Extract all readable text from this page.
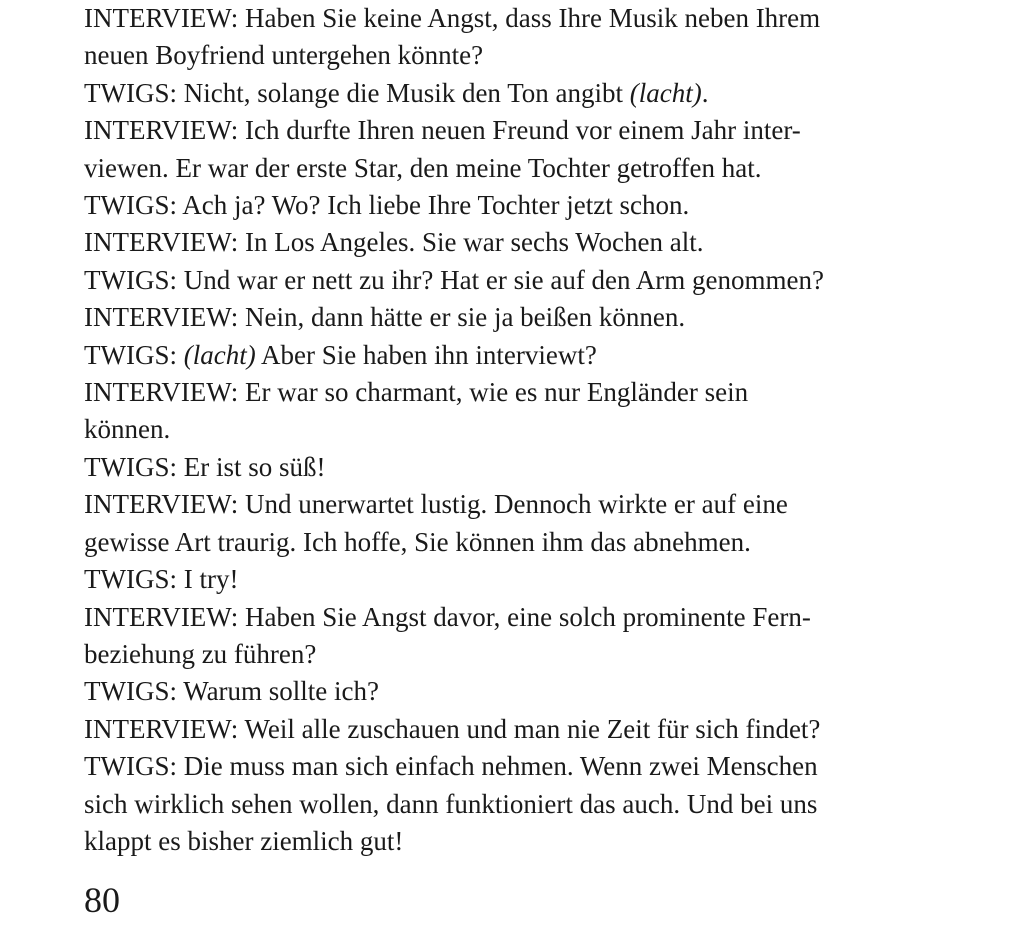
INTERVIEW: Haben Sie keine Angst, dass Ihre Musik neben Ihrem
neuen Boyfriend untergehen könnte?
TWIGS: Nicht, solange die Musik den Ton angibt (lacht).
INTERVIEW: Ich durfte Ihren neuen Freund vor einem Jahr inter-
viewen. Er war der erste Star, den meine Tochter getroffen hat.
TWIGS: Ach ja? Wo? Ich liebe Ihre Tochter jetzt schon.
INTERVIEW: In Los Angeles. Sie war sechs Wochen alt.
TWIGS: Und war er nett zu ihr? Hat er sie auf den Arm genommen?
INTERVIEW: Nein, dann hätte er sie ja beißen können.
TWIGS: (lacht) Aber Sie haben ihn interviewt?
INTERVIEW: Er war so charmant, wie es nur Engländer sein
können.
TWIGS: Er ist so süß!
INTERVIEW: Und unerwartet lustig. Dennoch wirkte er auf eine
gewisse Art traurig. Ich hoffe, Sie können ihm das abnehmen.
TWIGS: I try!
INTERVIEW: Haben Sie Angst davor, eine solch prominente Fern-
beziehung zu führen?
TWIGS: Warum sollte ich?
INTERVIEW: Weil alle zuschauen und man nie Zeit für sich findet?
TWIGS: Die muss man sich einfach nehmen. Wenn zwei Menschen
sich wirklich sehen wollen, dann funktioniert das auch. Und bei uns
klappt es bisher ziemlich gut!
80
